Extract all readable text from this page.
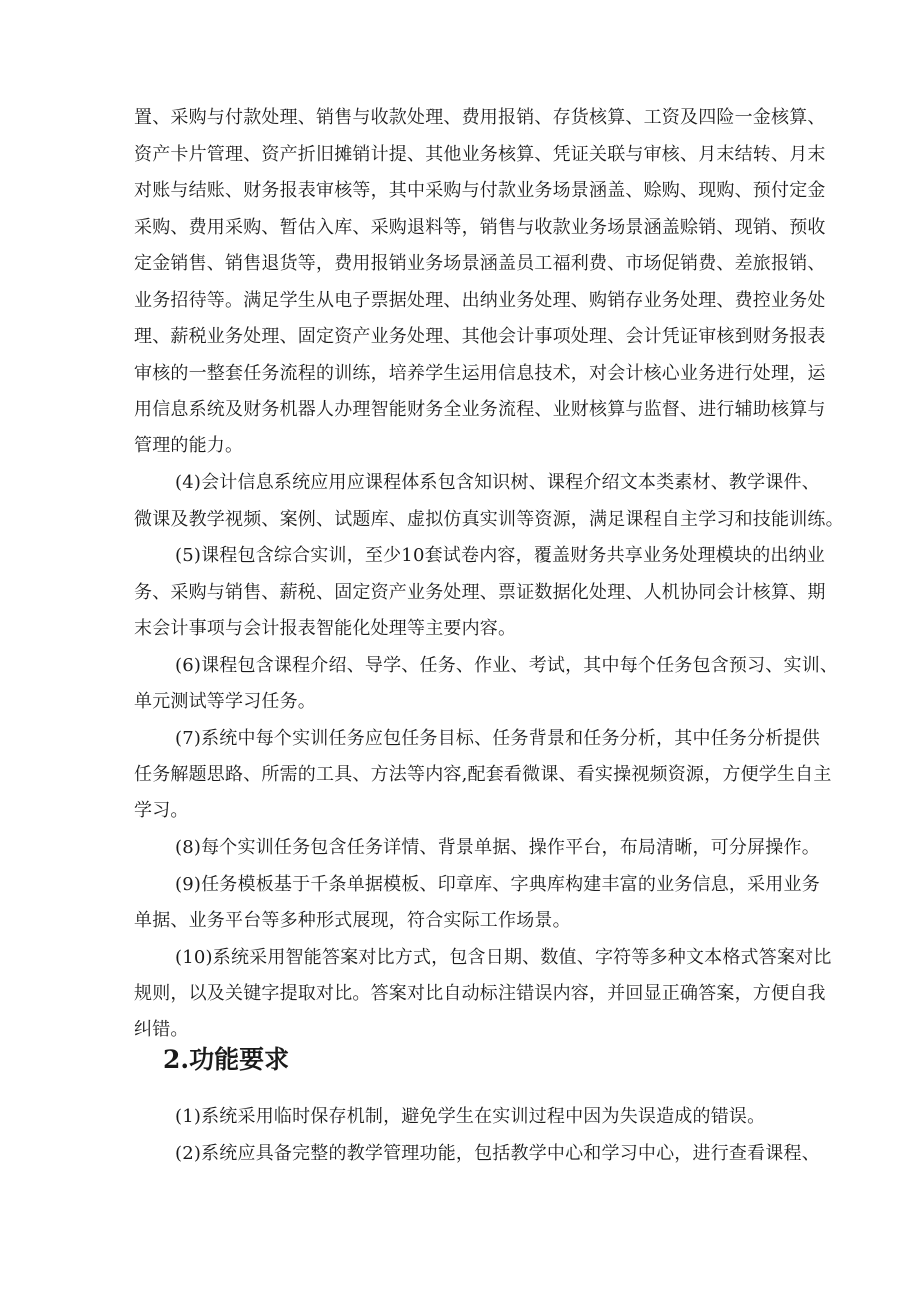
置、采购与付款处理、销售与收款处理、费用报销、存货核算、工资及四险一金核算、
资产卡片管理、资产折旧摊销计提、其他业务核算、凭证关联与审核、月末结转、月末
对账与结账、财务报表审核等，其中采购与付款业务场景涵盖、赊购、现购、预付定金
采购、费用采购、暂估入库、采购退料等，销售与收款业务场景涵盖赊销、现销、预收
定金销售、销售退货等，费用报销业务场景涵盖员工福利费、市场促销费、差旅报销、
业务招待等。满足学生从电子票据处理、出纳业务处理、购销存业务处理、费控业务处
理、薪税业务处理、固定资产业务处理、其他会计事项处理、会计凭证审核到财务报表
审核的一整套任务流程的训练，培养学生运用信息技术，对会计核心业务进行处理，运
用信息系统及财务机器人办理智能财务全业务流程、业财核算与监督、进行辅助核算与
管理的能力。
(4)会计信息系统应用应课程体系包含知识树、课程介绍文本类素材、教学课件、
微课及教学视频、案例、试题库、虚拟仿真实训等资源，满足课程自主学习和技能训练。
(5)课程包含综合实训，至少10套试卷内容，覆盖财务共享业务处理模块的出纳业
务、采购与销售、薪税、固定资产业务处理、票证数据化处理、人机协同会计核算、期
末会计事项与会计报表智能化处理等主要内容。
(6)课程包含课程介绍、导学、任务、作业、考试，其中每个任务包含预习、实训、
单元测试等学习任务。
(7)系统中每个实训任务应包任务目标、任务背景和任务分析，其中任务分析提供
任务解题思路、所需的工具、方法等内容,配套看微课、看实操视频资源，方便学生自主
学习。
(8)每个实训任务包含任务详情、背景单据、操作平台，布局清晰，可分屏操作。
(9)任务模板基于千条单据模板、印章库、字典库构建丰富的业务信息，采用业务
单据、业务平台等多种形式展现，符合实际工作场景。
(10)系统采用智能答案对比方式，包含日期、数值、字符等多种文本格式答案对比
规则，以及关键字提取对比。答案对比自动标注错误内容，并回显正确答案，方便自我
纠错。
2.功能要求
(1)系统采用临时保存机制，避免学生在实训过程中因为失误造成的错误。
(2)系统应具备完整的教学管理功能，包括教学中心和学习中心，进行查看课程、
